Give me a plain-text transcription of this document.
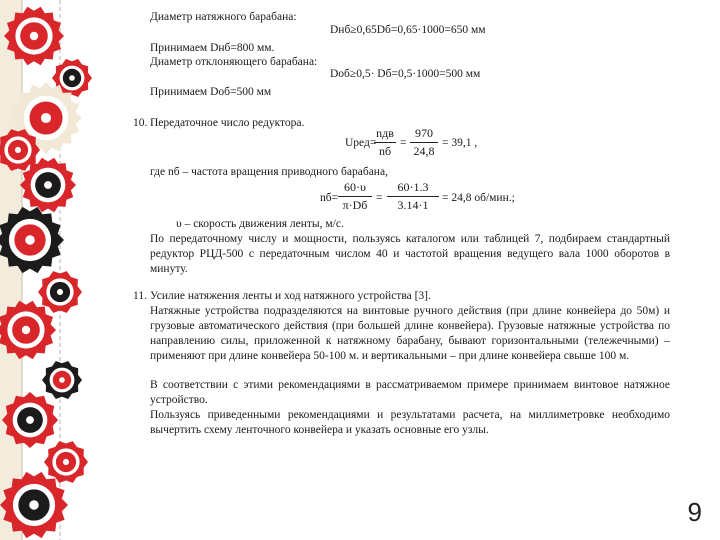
Диаметр натяжного барабана:
Dнб≥0,65Dб=0,65·1000=650 мм
Принимаем Dнб=800 мм.
Диаметр отклоняющего барабана:
Dоб≥0,5· Dб=0,5·1000=500 мм
Принимаем Dоб=500 мм
10. Передаточное число редуктора.
Uред=
nдв
nб
=
970
24,8
= 39,1 ,
где nб – частота вращения приводного барабана,
nб=
60·υ
π·Dб =
60·1.3
3.14·1 = 24,8 об/мин.;
υ – скорость движения ленты, м/с.
По передаточному числу и мощности, пользуясь каталогом или таблицей 7, подбираем стандартный редуктор РЦД-500 с передаточным числом 40 и частотой вращения ведущего вала 1000 оборотов в минуту.
11. Усилие натяжения ленты и ход натяжного устройства [3].
Натяжные устройства подразделяются на винтовые ручного действия (при длине конвейера до 50м) и грузовые автоматического действия (при большей длине конвейера). Грузовые натяжные устройства по направлению силы, приложенной к натяжному барабану, бывают горизонтальными (тележечными) – применяют при длине конвейера 50-100 м. и вертикальными – при длине конвейера свыше 100 м.
В соответствии с этими рекомендациями в рассматриваемом примере принимаем винтовое натяжное устройство.
Пользуясь приведенными рекомендациями и результатами расчета, на миллиметровке необходимо вычертить схему ленточного конвейера и указать основные его узлы.
9
